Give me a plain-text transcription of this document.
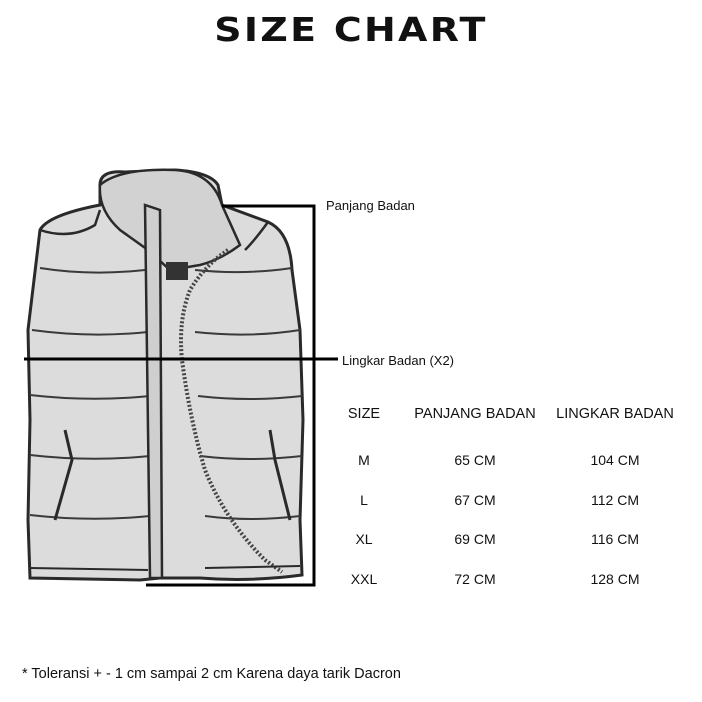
SIZE CHART
Panjang Badan
Lingkar Badan (X2)
SIZE	PANJANG BADAN	LINGKAR BADAN
M	65 CM	104 CM
L	67 CM	112 CM
XL	69 CM	116 CM
XXL	72 CM	128 CM
* Toleransi + - 1 cm sampai 2 cm Karena daya tarik Dacron
